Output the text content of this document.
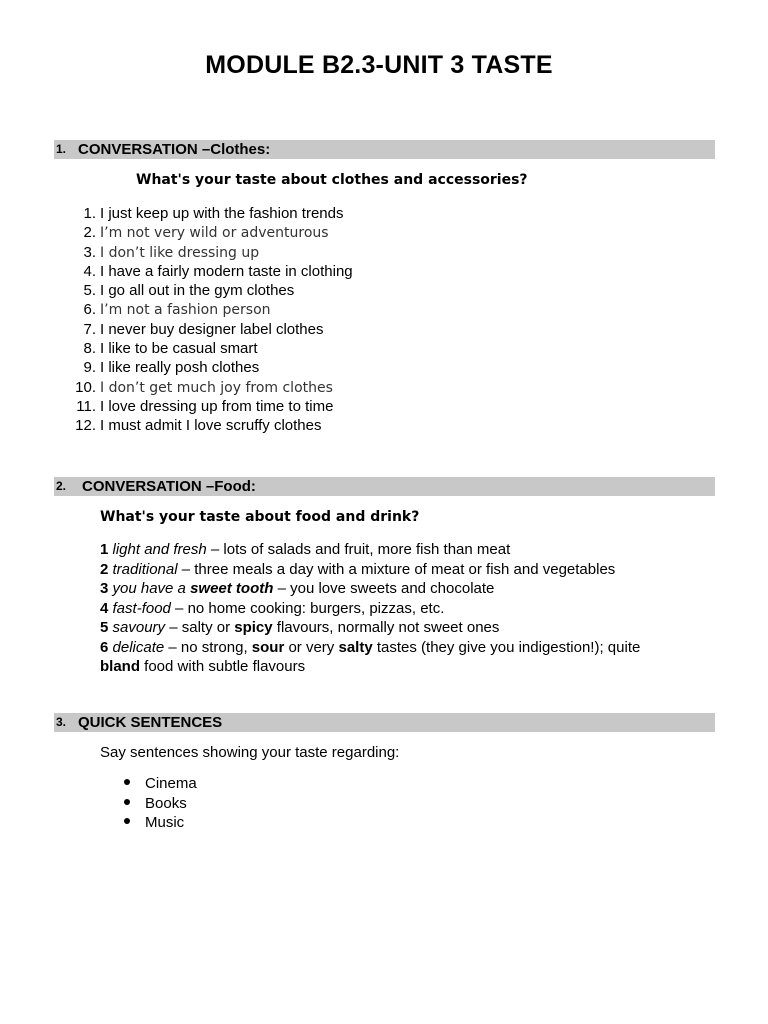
MODULE B2.3-UNIT 3 TASTE
1. CONVERSATION –Clothes:
What's your taste about clothes and accessories?
1. I just keep up with the fashion trends
2. I’m not very wild or adventurous
3. I don’t like dressing up
4. I have a fairly modern taste in clothing
5. I go all out in the gym clothes
6. I’m not a fashion person
7. I never buy designer label clothes
8. I like to be casual smart
9. I like really posh clothes
10. I don’t get much joy from clothes
11. I love dressing up from time to time
12. I must admit I love scruffy clothes
2. CONVERSATION –Food:
What's your taste about food and drink?
1 light and fresh – lots of salads and fruit, more fish than meat
2 traditional – three meals a day with a mixture of meat or fish and vegetables
3 you have a sweet tooth – you love sweets and chocolate
4 fast-food – no home cooking: burgers, pizzas, etc.
5 savoury – salty or spicy flavours, normally not sweet ones
6 delicate – no strong, sour or very salty tastes (they give you indigestion!); quite
bland food with subtle flavours
3. QUICK SENTENCES
Say sentences showing your taste regarding:
Cinema
Books
Music
